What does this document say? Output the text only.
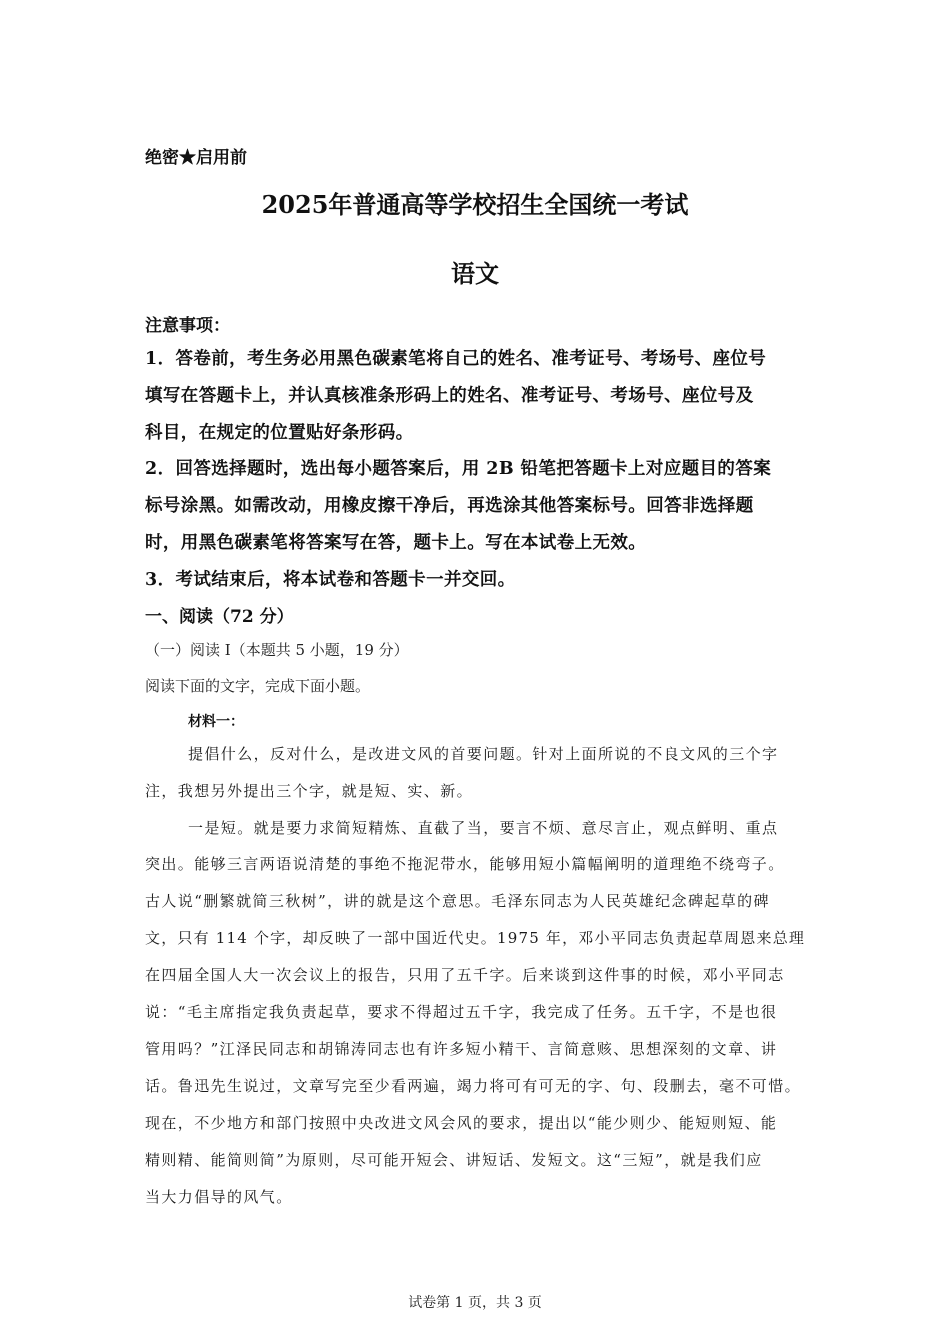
绝密★启用前
2025年普通高等学校招生全国统一考试
语文
注意事项：
1．答卷前，考生务必用黑色碳素笔将自己的姓名、准考证号、考场号、座位号
填写在答题卡上，并认真核准条形码上的姓名、准考证号、考场号、座位号及
科目，在规定的位置贴好条形码。
2．回答选择题时，选出每小题答案后，用 2B 铅笔把答题卡上对应题目的答案
标号涂黑。如需改动，用橡皮擦干净后，再选涂其他答案标号。回答非选择题
时，用黑色碳素笔将答案写在答，题卡上。写在本试卷上无效。
3．考试结束后，将本试卷和答题卡一并交回。
一、阅读（72 分）
（一）阅读 I（本题共 5 小题，19 分）
阅读下面的文字，完成下面小题。
材料一：
提倡什么，反对什么，是改进文风的首要问题。针对上面所说的不良文风的三个字
注，我想另外提出三个字，就是短、实、新。
一是短。就是要力求简短精炼、直截了当，要言不烦、意尽言止，观点鲜明、重点
突出。能够三言两语说清楚的事绝不拖泥带水，能够用短小篇幅阐明的道理绝不绕弯子。
古人说“删繁就简三秋树”，讲的就是这个意思。毛泽东同志为人民英雄纪念碑起草的碑
文，只有 114 个字，却反映了一部中国近代史。1975 年，邓小平同志负责起草周恩来总理
在四届全国人大一次会议上的报告，只用了五千字。后来谈到这件事的时候，邓小平同志
说：“毛主席指定我负责起草，要求不得超过五千字，我完成了任务。五千字，不是也很
管用吗？”江泽民同志和胡锦涛同志也有许多短小精干、言简意赅、思想深刻的文章、讲
话。鲁迅先生说过，文章写完至少看两遍，竭力将可有可无的字、句、段删去，毫不可惜。
现在，不少地方和部门按照中央改进文风会风的要求，提出以“能少则少、能短则短、能
精则精、能简则简”为原则，尽可能开短会、讲短话、发短文。这“三短”，就是我们应
当大力倡导的风气。
试卷第 1 页，共 3 页
